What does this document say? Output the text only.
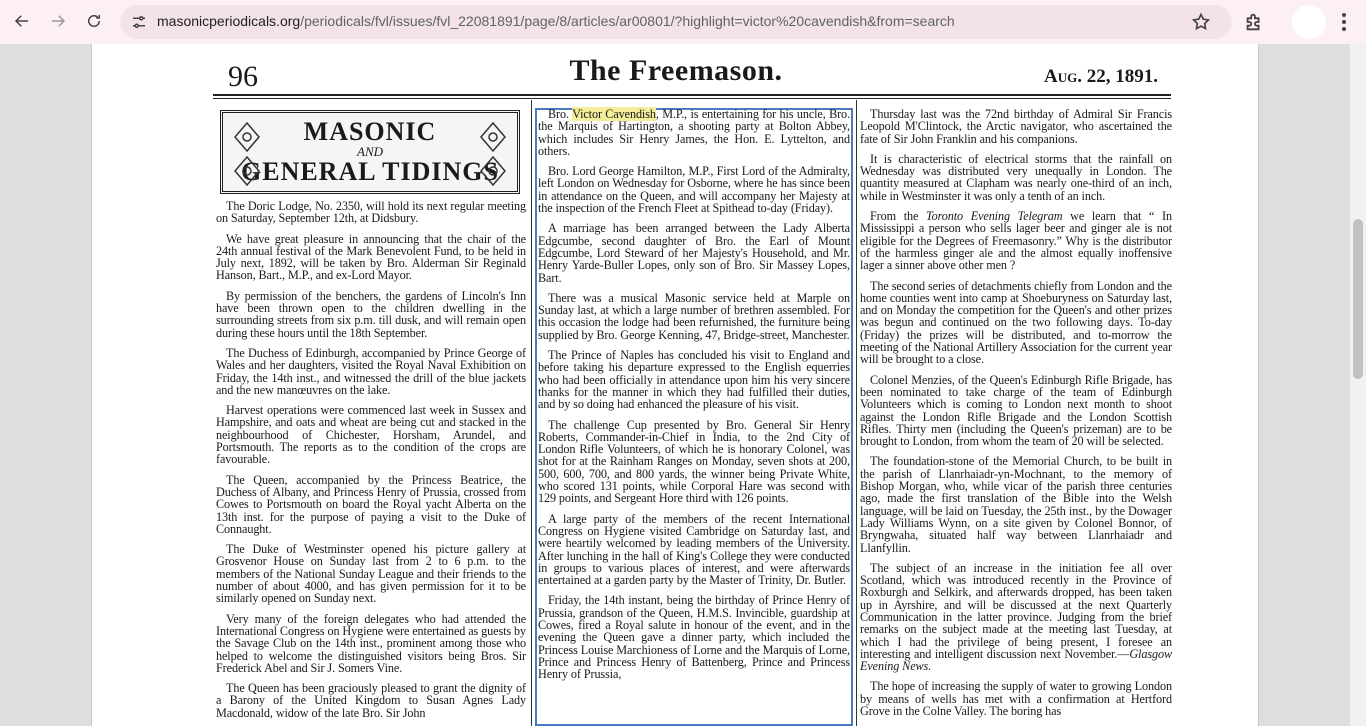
masonicperiodicals.org/periodicals/fvl/issues/fvl_22081891/page/8/articles/ar00801/?highlight=victor%20cavendish&from=search
96	The Freemason.	Aug. 22, 1891.
MASONIC
AND
GENERAL TIDINGS

The Doric Lodge, No. 2350, will hold its next regular meeting on Saturday, September 12th, at Didsbury.

We have great pleasure in announcing that the chair of the 24th annual festival of the Mark Benevolent Fund, to be held in July next, 1892, will be taken by Bro. Alderman Sir Reginald Hanson, Bart., M.P., and ex-Lord Mayor.

By permission of the benchers, the gardens of Lincoln's Inn have been thrown open to the children dwelling in the surrounding streets from six p.m. till dusk, and will remain open during these hours until the 18th September.

The Duchess of Edinburgh, accompanied by Prince George of Wales and her daughters, visited the Royal Naval Exhibition on Friday, the 14th inst., and witnessed the drill of the blue jackets and the new manœuvres on the lake.

Harvest operations were commenced last week in Sussex and Hampshire, and oats and wheat are being cut and stacked in the neighbourhood of Chichester, Horsham, Arundel, and Portsmouth. The reports as to the condition of the crops are favourable.

The Queen, accompanied by the Princess Beatrice, the Duchess of Albany, and Princess Henry of Prussia, crossed from Cowes to Portsmouth on board the Royal yacht Alberta on the 13th inst. for the purpose of paying a visit to the Duke of Connaught.

The Duke of Westminster opened his picture gallery at Grosvenor House on Sunday last from 2 to 6 p.m. to the members of the National Sunday League and their friends to the number of about 4000, and has given permission for it to be similarly opened on Sunday next.

Very many of the foreign delegates who had attended the International Congress on Hygiene were entertained as guests by the Savage Club on the 14th inst., prominent among those who helped to welcome the distinguished visitors being Bros. Sir Frederick Abel and Sir J. Somers Vine.

The Queen has been graciously pleased to grant the dignity of a Barony of the United Kingdom to Susan Agnes Lady Macdonald, widow of the late Bro. Sir John

Bro. Victor Cavendish, M.P., is entertaining for his uncle, Bro. the Marquis of Hartington, a shooting party at Bolton Abbey, which includes Sir Henry James, the Hon. E. Lyttelton, and others.

Bro. Lord George Hamilton, M.P., First Lord of the Admiralty, left London on Wednesday for Osborne, where he has since been in attendance on the Queen, and will accompany her Majesty at the inspection of the French Fleet at Spithead to-day (Friday).

A marriage has been arranged between the Lady Alberta Edgcumbe, second daughter of Bro. the Earl of Mount Edgcumbe, Lord Steward of her Majesty's Household, and Mr. Henry Yarde-Buller Lopes, only son of Bro. Sir Massey Lopes, Bart.

There was a musical Masonic service held at Marple on Sunday last, at which a large number of brethren assembled. For this occasion the lodge had been refurnished, the furniture being supplied by Bro. George Kenning, 47, Bridge-street, Manchester.

The Prince of Naples has concluded his visit to England and before taking his departure expressed to the English equerries who had been officially in attendance upon him his very sincere thanks for the manner in which they had fulfilled their duties, and by so doing had enhanced the pleasure of his visit.

The challenge Cup presented by Bro. General Sir Henry Roberts, Commander-in-Chief in India, to the 2nd City of London Rifle Volunteers, of which he is honorary Colonel, was shot for at the Rainham Ranges on Monday, seven shots at 200, 500, 600, 700, and 800 yards, the winner being Private White, who scored 131 points, while Corporal Hare was second with 129 points, and Sergeant Hore third with 126 points.

A large party of the members of the recent International Congress on Hygiene visited Cambridge on Saturday last, and were heartily welcomed by leading members of the University. After lunching in the hall of King's College they were conducted in groups to various places of interest, and were afterwards entertained at a garden party by the Master of Trinity, Dr. Butler.

Friday, the 14th instant, being the birthday of Prince Henry of Prussia, grandson of the Queen, H.M.S. Invincible, guardship at Cowes, fired a Royal salute in honour of the event, and in the evening the Queen gave a dinner party, which included the Princess Louise Marchioness of Lorne and the Marquis of Lorne, Prince and Princess Henry of Battenberg, Prince and Princess Henry of Prussia,

Thursday last was the 72nd birthday of Admiral Sir Francis Leopold M'Clintock, the Arctic navigator, who ascertained the fate of Sir John Franklin and his companions.

It is characteristic of electrical storms that the rainfall on Wednesday was distributed very unequally in London. The quantity measured at Clapham was nearly one-third of an inch, while in Westminster it was only a tenth of an inch.

From the Toronto Evening Telegram we learn that “ In Mississippi a person who sells lager beer and ginger ale is not eligible for the Degrees of Freemasonry.” Why is the distributor of the harmless ginger ale and the almost equally inoffensive lager a sinner above other men ?

The second series of detachments chiefly from London and the home counties went into camp at Shoeburyness on Saturday last, and on Monday the competition for the Queen's and other prizes was begun and continued on the two following days. To-day (Friday) the prizes will be distributed, and to-morrow the meeting of the National Artillery Association for the current year will be brought to a close.

Colonel Menzies, of the Queen's Edinburgh Rifle Brigade, has been nominated to take charge of the team of Edinburgh Volunteers which is coming to London next month to shoot against the London Rifle Brigade and the London Scottish Rifles. Thirty men (including the Queen's prizeman) are to be brought to London, from whom the team of 20 will be selected.

The foundation-stone of the Memorial Church, to be built in the parish of Llanrhaiadr-yn-Mochnant, to the memory of Bishop Morgan, who, while vicar of the parish three centuries ago, made the first translation of the Bible into the Welsh language, will be laid on Tuesday, the 25th inst., by the Dowager Lady Williams Wynn, on a site given by Colonel Bonnor, of Bryngwaha, situated half way between Llanrhaiadr and Llanfyllin.

The subject of an increase in the initiation fee all over Scotland, which was introduced recently in the Province of Roxburgh and Selkirk, and afterwards dropped, has been taken up in Ayrshire, and will be discussed at the next Quarterly Communication in the latter province. Judging from the brief remarks on the subject made at the meeting last Tuesday, at which I had the privilege of being present, I foresee an interesting and intelligent discussion next November.—Glasgow Evening News.

The hope of increasing the supply of water to growing London by means of wells has met with a confirmation at Hertford Grove in the Colne Valley. The boring has
